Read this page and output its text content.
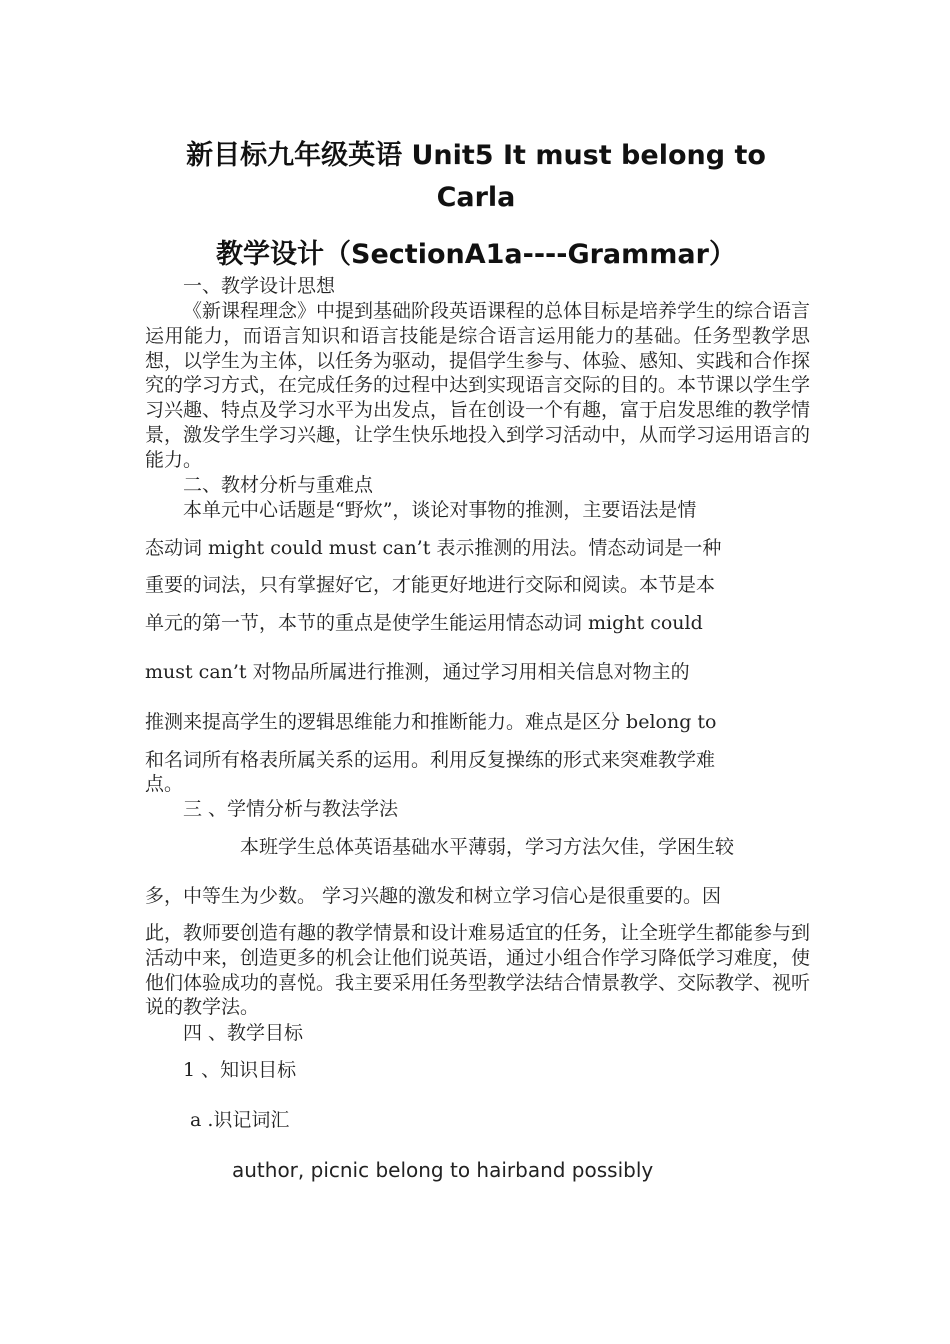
新目标九年级英语 Unit5 It must belong to
Carla
教学设计（SectionA1a----Grammar）
一、教学设计思想

《新课程理念》中提到基础阶段英语课程的总体目标是培养学生的综合语言运用能力，而语言知识和语言技能是综合语言运用能力的基础。任务型教学思想，以学生为主体，以任务为驱动，提倡学生参与、体验、感知、实践和合作探究的学习方式，在完成任务的过程中达到实现语言交际的目的。本节课以学生学习兴趣、特点及学习水平为出发点，旨在创设一个有趣，富于启发思维的教学情景，激发学生学习兴趣，让学生快乐地投入到学习活动中，从而学习运用语言的能力。

二、教材分析与重难点
本单元中心话题是“野炊”，谈论对事物的推测，主要语法是情
态动词 might could must can’t 表示推测的用法。情态动词是一种
重要的词法，只有掌握好它，才能更好地进行交际和阅读。本节是本
单元的第一节，本节的重点是使学生能运用情态动词 might could
must can’t 对物品所属进行推测，通过学习用相关信息对物主的
推测来提高学生的逻辑思维能力和推断能力。难点是区分 belong to
和名词所有格表所属关系的运用。利用反复操练的形式来突难教学难
点。
三 、学情分析与教法学法
本班学生总体英语基础水平薄弱，学习方法欠佳，学困生较
多，中等生为少数。 学习兴趣的激发和树立学习信心是很重要的。因

此，教师要创造有趣的教学情景和设计难易适宜的任务，让全班学生都能参与到活动中来，创造更多的机会让他们说英语，通过小组合作学习降低学习难度，使他们体验成功的喜悦。我主要采用任务型教学法结合情景教学、交际教学、视听说的教学法。

四 、教学目标
1 、知识目标
a .识记词汇
author, picnic belong to hairband possibly
